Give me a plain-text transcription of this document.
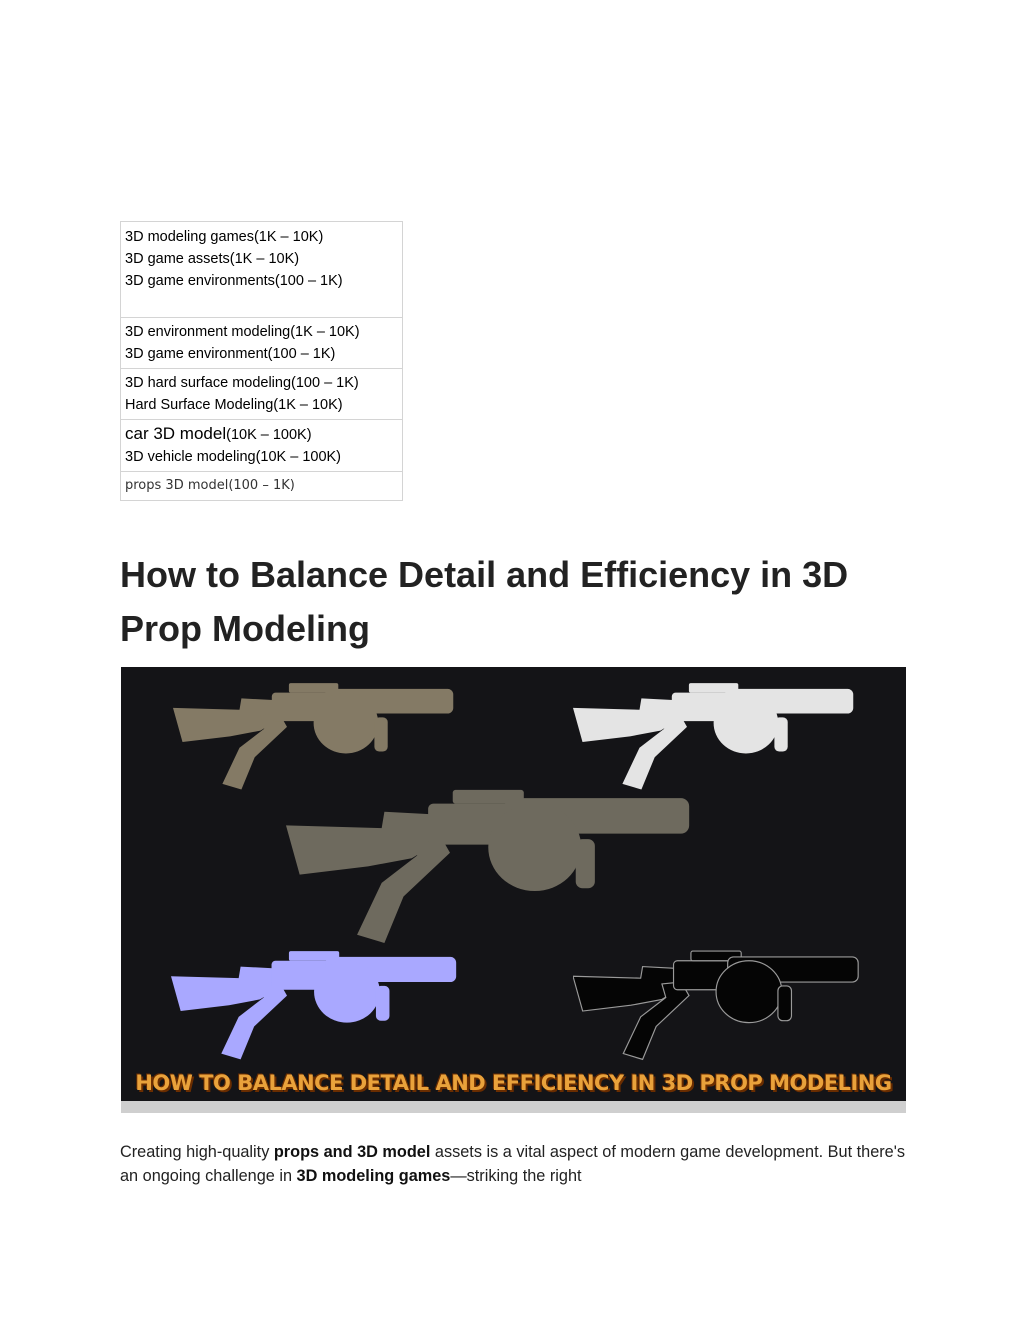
3D modeling games(1K – 10K)
3D game assets(1K – 10K)
3D game environments(100 – 1K)

3D environment modeling(1K – 10K)
3D game environment(100 – 1K)

3D hard surface modeling(100 – 1K)
Hard Surface Modeling(1K – 10K)

car 3D model(10K – 100K)
3D vehicle modeling(10K – 100K)

props 3D model(100 – 1K)
How to Balance Detail and Efficiency in 3D Prop Modeling
HOW TO BALANCE DETAIL AND EFFICIENCY IN 3D PROP MODELING

Creating high-quality props and 3D model assets is a vital aspect of modern game development. But there's an ongoing challenge in 3D modeling games—striking the right
